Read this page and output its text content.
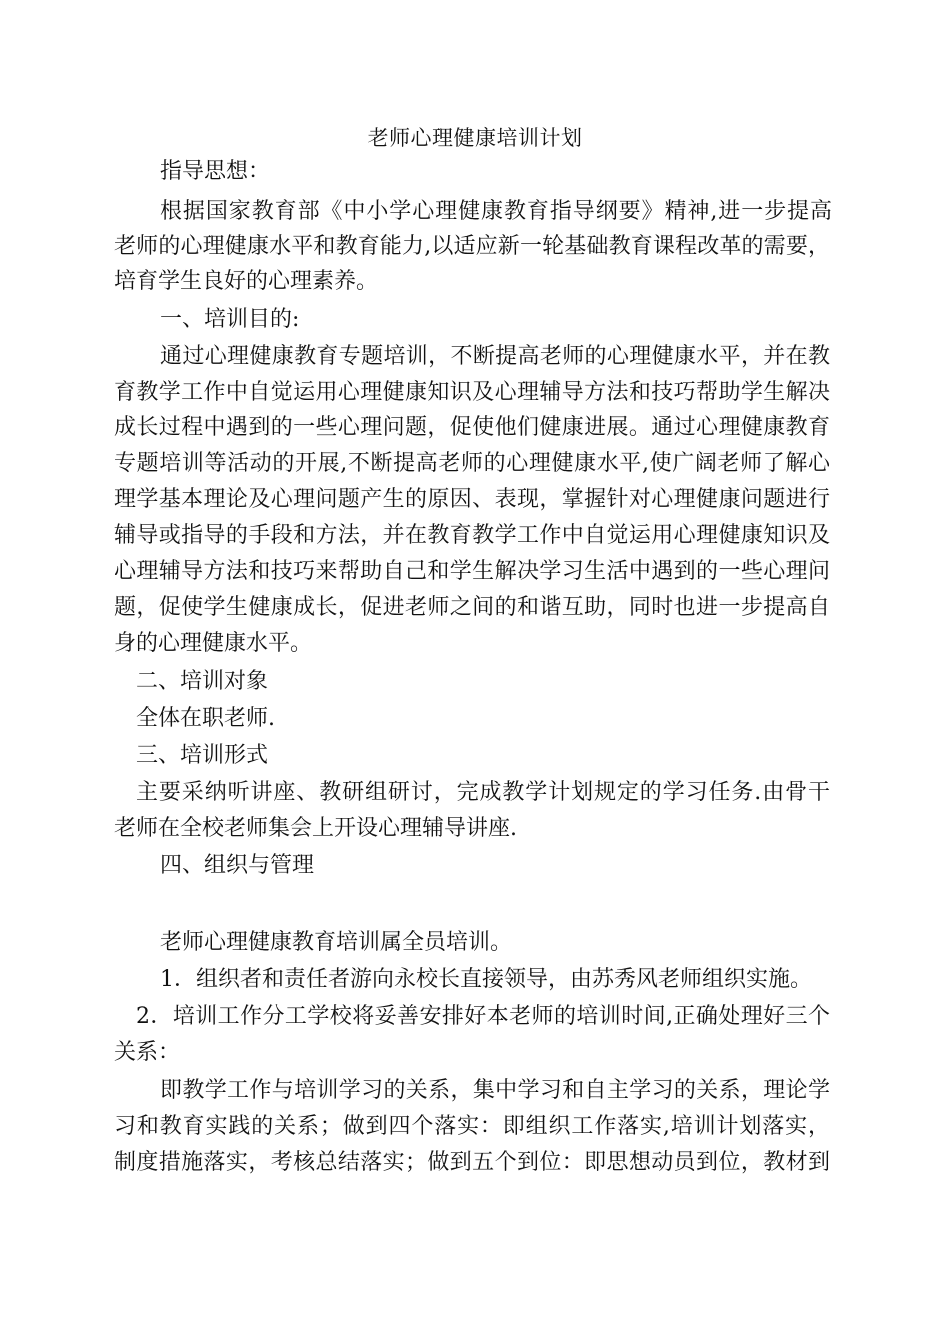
老师心理健康培训计划

指导思想：

根据国家教育部《中小学心理健康教育指导纲要》精神,进一步提高

老师的心理健康水平和教育能力,以适应新一轮基础教育课程改革的需要，

培育学生良好的心理素养。

一、培训目的:

通过心理健康教育专题培训，不断提高老师的心理健康水平，并在教

育教学工作中自觉运用心理健康知识及心理辅导方法和技巧帮助学生解决

成长过程中遇到的一些心理问题，促使他们健康进展。通过心理健康教育

专题培训等活动的开展,不断提高老师的心理健康水平,使广阔老师了解心

理学基本理论及心理问题产生的原因、表现，掌握针对心理健康问题进行

辅导或指导的手段和方法，并在教育教学工作中自觉运用心理健康知识及

心理辅导方法和技巧来帮助自己和学生解决学习生活中遇到的一些心理问

题，促使学生健康成长，促进老师之间的和谐互助，同时也进一步提高自

身的心理健康水平。

二、培训对象

全体在职老师.

三、培训形式

主要采纳听讲座、教研组研讨，完成教学计划规定的学习任务.由骨干

老师在全校老师集会上开设心理辅导讲座.

四、组织与管理

老师心理健康教育培训属全员培训。

1．组织者和责任者游向永校长直接领导，由苏秀风老师组织实施。

2．培训工作分工学校将妥善安排好本老师的培训时间,正确处理好三个

关系：

即教学工作与培训学习的关系，集中学习和自主学习的关系，理论学

习和教育实践的关系；做到四个落实：即组织工作落实,培训计划落实，

制度措施落实，考核总结落实；做到五个到位：即思想动员到位，教材到
